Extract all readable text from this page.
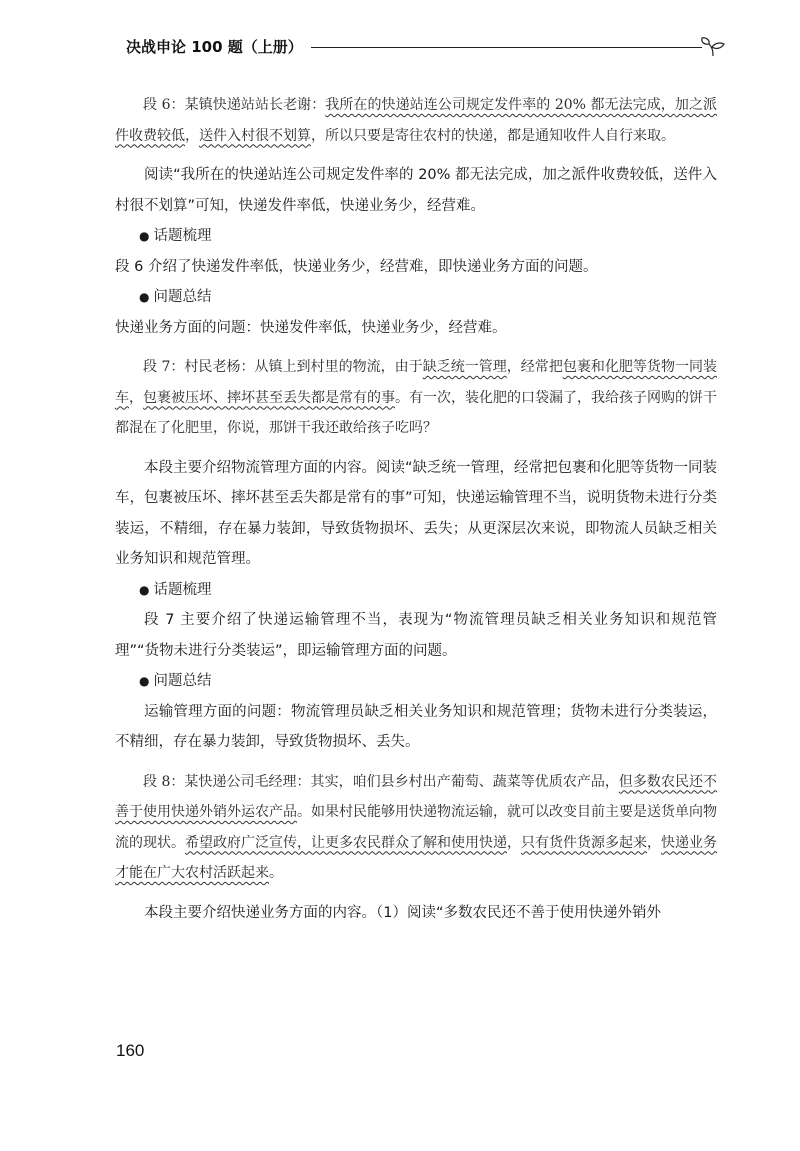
决战申论 100 题（上册）

段 6：某镇快递站站长老谢：我所在的快递站连公司规定发件率的 20% 都无法完成，加之派件收费较低，送件入村很不划算，所以只要是寄往农村的快递，都是通知收件人自行来取。

阅读“我所在的快递站连公司规定发件率的 20% 都无法完成，加之派件收费较低，送件入村很不划算”可知，快递发件率低，快递业务少，经营难。

● 话题梳理

段 6 介绍了快递发件率低，快递业务少，经营难，即快递业务方面的问题。

● 问题总结

快递业务方面的问题：快递发件率低，快递业务少，经营难。

段 7：村民老杨：从镇上到村里的物流，由于缺乏统一管理，经常把包裹和化肥等货物一同装车，包裹被压坏、摔坏甚至丢失都是常有的事。有一次，装化肥的口袋漏了，我给孩子网购的饼干都混在了化肥里，你说，那饼干我还敢给孩子吃吗？

本段主要介绍物流管理方面的内容。阅读“缺乏统一管理，经常把包裹和化肥等货物一同装车，包裹被压坏、摔坏甚至丢失都是常有的事”可知，快递运输管理不当，说明货物未进行分类装运，不精细，存在暴力装卸，导致货物损坏、丢失；从更深层次来说，即物流人员缺乏相关业务知识和规范管理。

● 话题梳理

段 7 主要介绍了快递运输管理不当，表现为“物流管理员缺乏相关业务知识和规范管理”“货物未进行分类装运”，即运输管理方面的问题。

● 问题总结

运输管理方面的问题：物流管理员缺乏相关业务知识和规范管理；货物未进行分类装运，不精细，存在暴力装卸，导致货物损坏、丢失。

段 8：某快递公司毛经理：其实，咱们县乡村出产葡萄、蔬菜等优质农产品，但多数农民还不善于使用快递外销外运农产品。如果村民能够用快递物流运输，就可以改变目前主要是送货单向物流的现状。希望政府广泛宣传，让更多农民群众了解和使用快递，只有货件货源多起来，快递业务才能在广大农村活跃起来。

本段主要介绍快递业务方面的内容。（1）阅读“多数农民还不善于使用快递外销外

160
